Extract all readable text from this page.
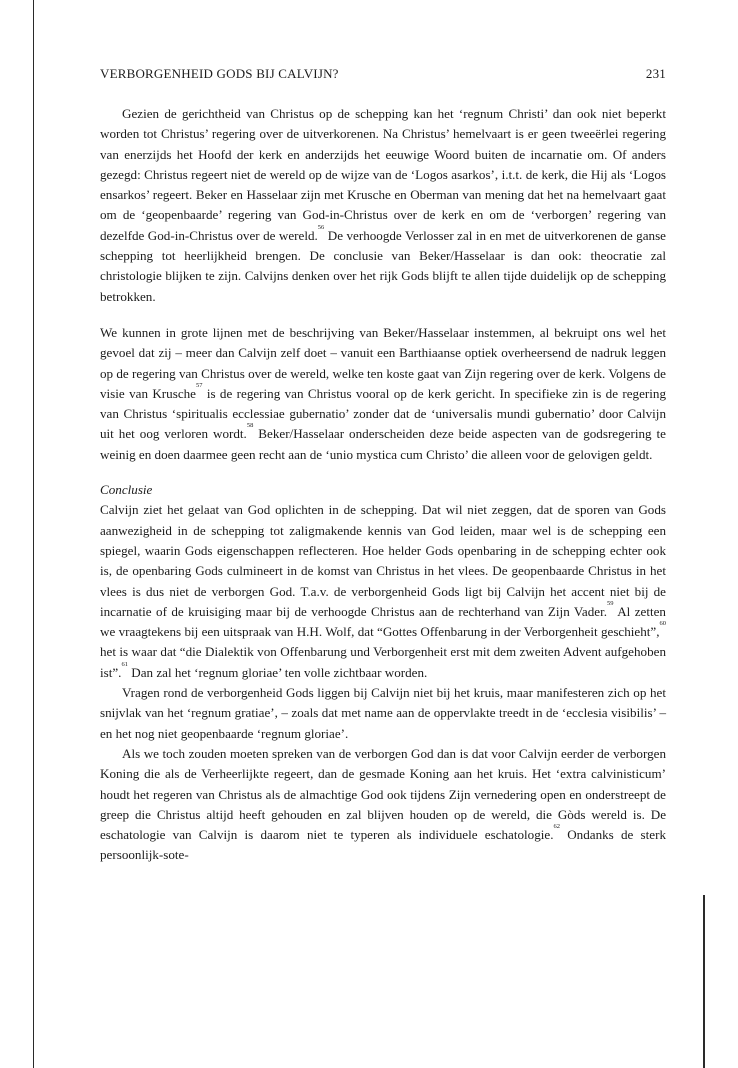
VERBORGENHEID GODS BIJ CALVIJN?	231

Gezien de gerichtheid van Christus op de schepping kan het ‘regnum Christi’ dan ook niet beperkt worden tot Christus’ regering over de uitverkorenen. Na Christus’ hemelvaart is er geen tweeërlei regering van enerzijds het Hoofd der kerk en anderzijds het eeuwige Woord buiten de incarnatie om. Of anders gezegd: Christus regeert niet de wereld op de wijze van de ‘Logos asarkos’, i.t.t. de kerk, die Hij als ‘Logos ensarkos’ regeert. Beker en Hasselaar zijn met Krusche en Oberman van mening dat het na hemelvaart gaat om de ‘geopenbaarde’ regering van God-in-Christus over de kerk en om de ‘verborgen’ regering van dezelfde God-in-Christus over de wereld.$^{56}$ De verhoogde Verlosser zal in en met de uitverkorenen de ganse schepping tot heerlijkheid brengen. De conclusie van Beker/Hasselaar is dan ook: theocratie zal christologie blijken te zijn. Calvijns denken over het rijk Gods blijft te allen tijde duidelijk op de schepping betrokken.

We kunnen in grote lijnen met de beschrijving van Beker/Hasselaar instemmen, al bekruipt ons wel het gevoel dat zij – meer dan Calvijn zelf doet – vanuit een Barthiaanse optiek overheersend de nadruk leggen op de regering van Christus over de wereld, welke ten koste gaat van Zijn regering over de kerk. Volgens de visie van Krusche$^{57}$ is de regering van Christus vooral op de kerk gericht. In specifieke zin is de regering van Christus ‘spiritualis ecclessiae gubernatio’ zonder dat de ‘universalis mundi gubernatio’ door Calvijn uit het oog verloren wordt.$^{58}$ Beker/Hasselaar onderscheiden deze beide aspecten van de godsregering te weinig en doen daarmee geen recht aan de ‘unio mystica cum Christo’ die alleen voor de gelovigen geldt.

Conclusie

Calvijn ziet het gelaat van God oplichten in de schepping. Dat wil niet zeggen, dat de sporen van Gods aanwezigheid in de schepping tot zaligmakende kennis van God leiden, maar wel is de schepping een spiegel, waarin Gods eigenschappen reflecteren. Hoe helder Gods openbaring in de schepping echter ook is, de openbaring Gods culmineert in de komst van Christus in het vlees. De geopenbaarde Christus in het vlees is dus niet de verborgen God. T.a.v. de verborgenheid Gods ligt bij Calvijn het accent niet bij de incarnatie of de kruisiging maar bij de verhoogde Christus aan de rechterhand van Zijn Vader.$^{59}$ Al zetten we vraagtekens bij een uitspraak van H.H. Wolf, dat “Gottes Offenbarung in der Verborgenheit geschieht”,$^{60}$ het is waar dat “die Dialektik von Offenbarung und Verborgenheit erst mit dem zweiten Advent aufgehoben ist”.$^{61}$ Dan zal het ‘regnum gloriae’ ten volle zichtbaar worden.

Vragen rond de verborgenheid Gods liggen bij Calvijn niet bij het kruis, maar manifesteren zich op het snijvlak van het ‘regnum gratiae’, – zoals dat met name aan de oppervlakte treedt in de ‘ecclesia visibilis’ – en het nog niet geopenbaarde ‘regnum gloriae’.

Als we toch zouden moeten spreken van de verborgen God dan is dat voor Calvijn eerder de verborgen Koning die als de Verheerlijkte regeert, dan de gesmade Koning aan het kruis. Het ‘extra calvinisticum’ houdt het regeren van Christus als de almachtige God ook tijdens Zijn vernedering open en onderstreept de greep die Christus altijd heeft gehouden en zal blijven houden op de wereld, die Gòds wereld is. De eschatologie van Calvijn is daarom niet te typeren als individuele eschatologie.$^{62}$ Ondanks de sterk persoonlijk-sote-
